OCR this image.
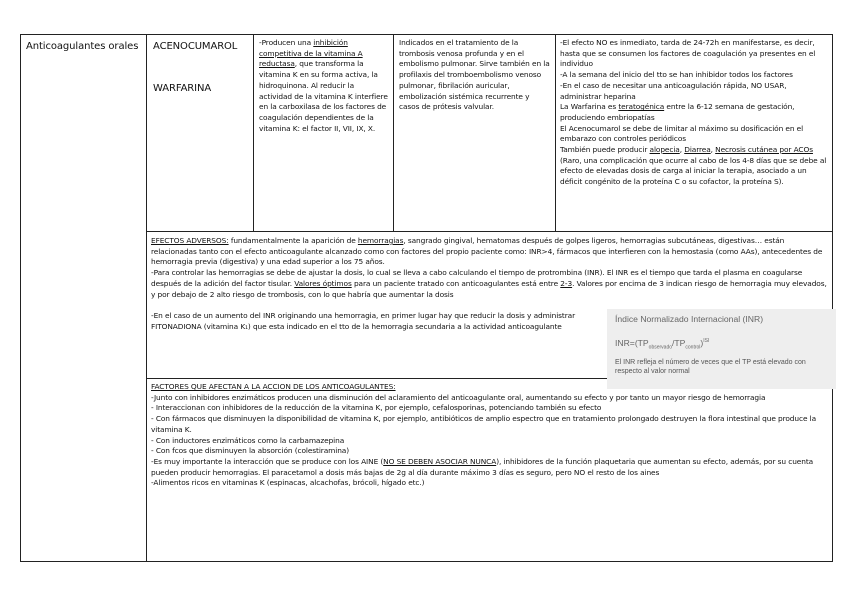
Anticoagulantes orales ACENOCUMAROL
WARFARINA
-Producen una inhibición competitiva de la vitamina A reductasa, que transforma la vitamina K en su forma activa, la hidroquinona. Al reducir la actividad de la vitamina K interfiere en la carboxilasa de los factores de coagulación dependientes de la vitamina K: el factor II, VII, IX, X.
Indicados en el tratamiento de la trombosis venosa profunda y en el embolismo pulmonar. Sirve también en la profilaxis del tromboembolismo venoso pulmonar, fibrilación auricular, embolización sistémica recurrente y casos de prótesis valvular.

-El efecto NO es inmediato, tarda de 24-72h en manifestarse, es decir, hasta que se consumen los factores de coagulación ya presentes en el individuo

-A la semana del inicio del tto se han inhibidor todos los factores

-En el caso de necesitar una anticoagulación rápida, NO USAR, administrar heparina

La Warfarina es teratogénica entre la 6-12 semana de gestación, produciendo embriopatías

El Acenocumarol se debe de limitar al máximo su dosificación en el embarazo con controles periódicos

También puede producir alopecia, Diarrea, Necrosis cutánea por ACOs (Raro, una complicación que ocurre al cabo de los 4-8 días que se debe al efecto de elevadas dosis de carga al iniciar la terapia, asociado a un déficit congénito de la proteína C o su cofactor, la proteína S).

EFECTOS ADVERSOS: fundamentalmente la aparición de hemorragias, sangrado gingival, hematomas después de golpes ligeros, hemorragias subcutáneas, digestivas… están relacionadas tanto con el efecto anticoagulante alcanzado como con factores del propio paciente como: INR>4, fármacos que interfieren con la hemostasia (como AAs), antecedentes de hemorragia previa (digestiva) y una edad superior a los 75 años.

-Para controlar las hemorragias se debe de ajustar la dosis, lo cual se lleva a cabo calculando el tiempo de protrombina (INR). El INR es el tiempo que tarda el plasma en coagularse después de la adición del factor tisular. Valores óptimos para un paciente tratado con anticoagulantes está entre 2-3. Valores por encima de 3 indican riesgo de hemorragia muy elevados, y por debajo de 2 alto riesgo de trombosis, con lo que habría que aumentar la dosis

-En el caso de un aumento del INR originando una hemorragia, en primer lugar hay que reducir la dosis y administrar FITONADIONA (vitamina K₁) que esta indicado en el tto de la hemorragia secundaria a la actividad anticoagulante
Índice Normalizado Internacional (INR)
$INR=(TP_{observado}/TP_{control})^{ISI}$
El INR refleja el número de veces que el TP está elevado con respecto al valor normal

FACTORES QUE AFECTAN A LA ACCION DE LOS ANTICOAGULANTES:

-Junto con inhibidores enzimáticos producen una disminución del aclaramiento del anticoagulante oral, aumentando su efecto y por tanto un mayor riesgo de hemorragia

- Interaccionan con inhibidores de la reducción de la vitamina K, por ejemplo, cefalosporinas, potenciando también su efecto

- Con fármacos que disminuyen la disponibilidad de vitamina K, por ejemplo, antibióticos de amplio espectro que en tratamiento prolongado destruyen la flora intestinal que produce la vitamina K.

- Con inductores enzimáticos como la carbamazepina

- Con fcos que disminuyen la absorción (colestiramina)

-Es muy importante la interacción que se produce con los AINE (NO SE DEBEN ASOCIAR NUNCA), inhibidores de la función plaquetaria que aumentan su efecto, además, por su cuenta pueden producir hemorragias. El paracetamol a dosis más bajas de 2g al día durante máximo 3 días es seguro, pero NO el resto de los aines

-Alimentos ricos en vitaminas K (espinacas, alcachofas, brócoli, hígado etc.)
